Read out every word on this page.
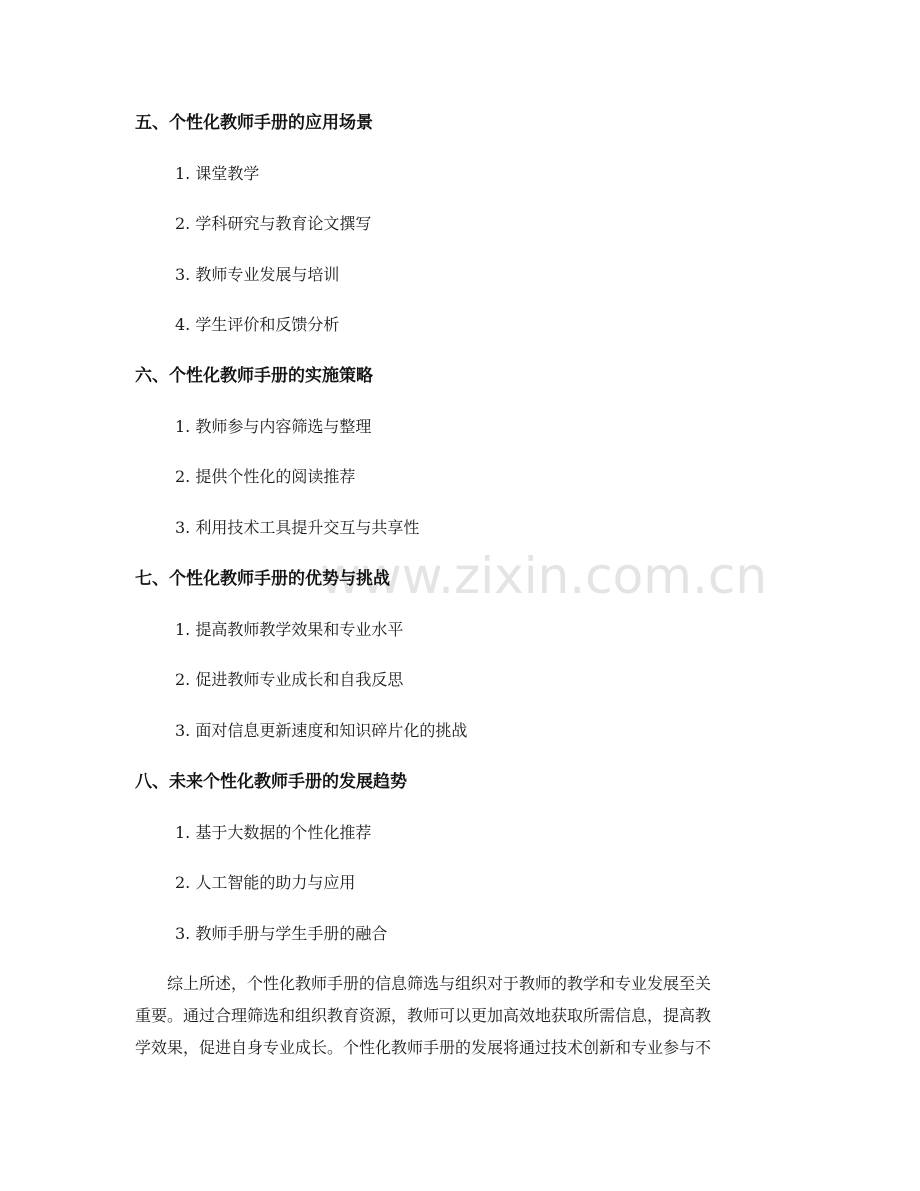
www.zixin.com.cn
五、个性化教师手册的应用场景
1. 课堂教学
2. 学科研究与教育论文撰写
3. 教师专业发展与培训
4. 学生评价和反馈分析
六、个性化教师手册的实施策略
1. 教师参与内容筛选与整理
2. 提供个性化的阅读推荐
3. 利用技术工具提升交互与共享性
七、个性化教师手册的优势与挑战
1. 提高教师教学效果和专业水平
2. 促进教师专业成长和自我反思
3. 面对信息更新速度和知识碎片化的挑战
八、未来个性化教师手册的发展趋势
1. 基于大数据的个性化推荐
2. 人工智能的助力与应用
3. 教师手册与学生手册的融合
综上所述，个性化教师手册的信息筛选与组织对于教师的教学和专业发展至关
重要。通过合理筛选和组织教育资源，教师可以更加高效地获取所需信息，提高教
学效果，促进自身专业成长。个性化教师手册的发展将通过技术创新和专业参与不
